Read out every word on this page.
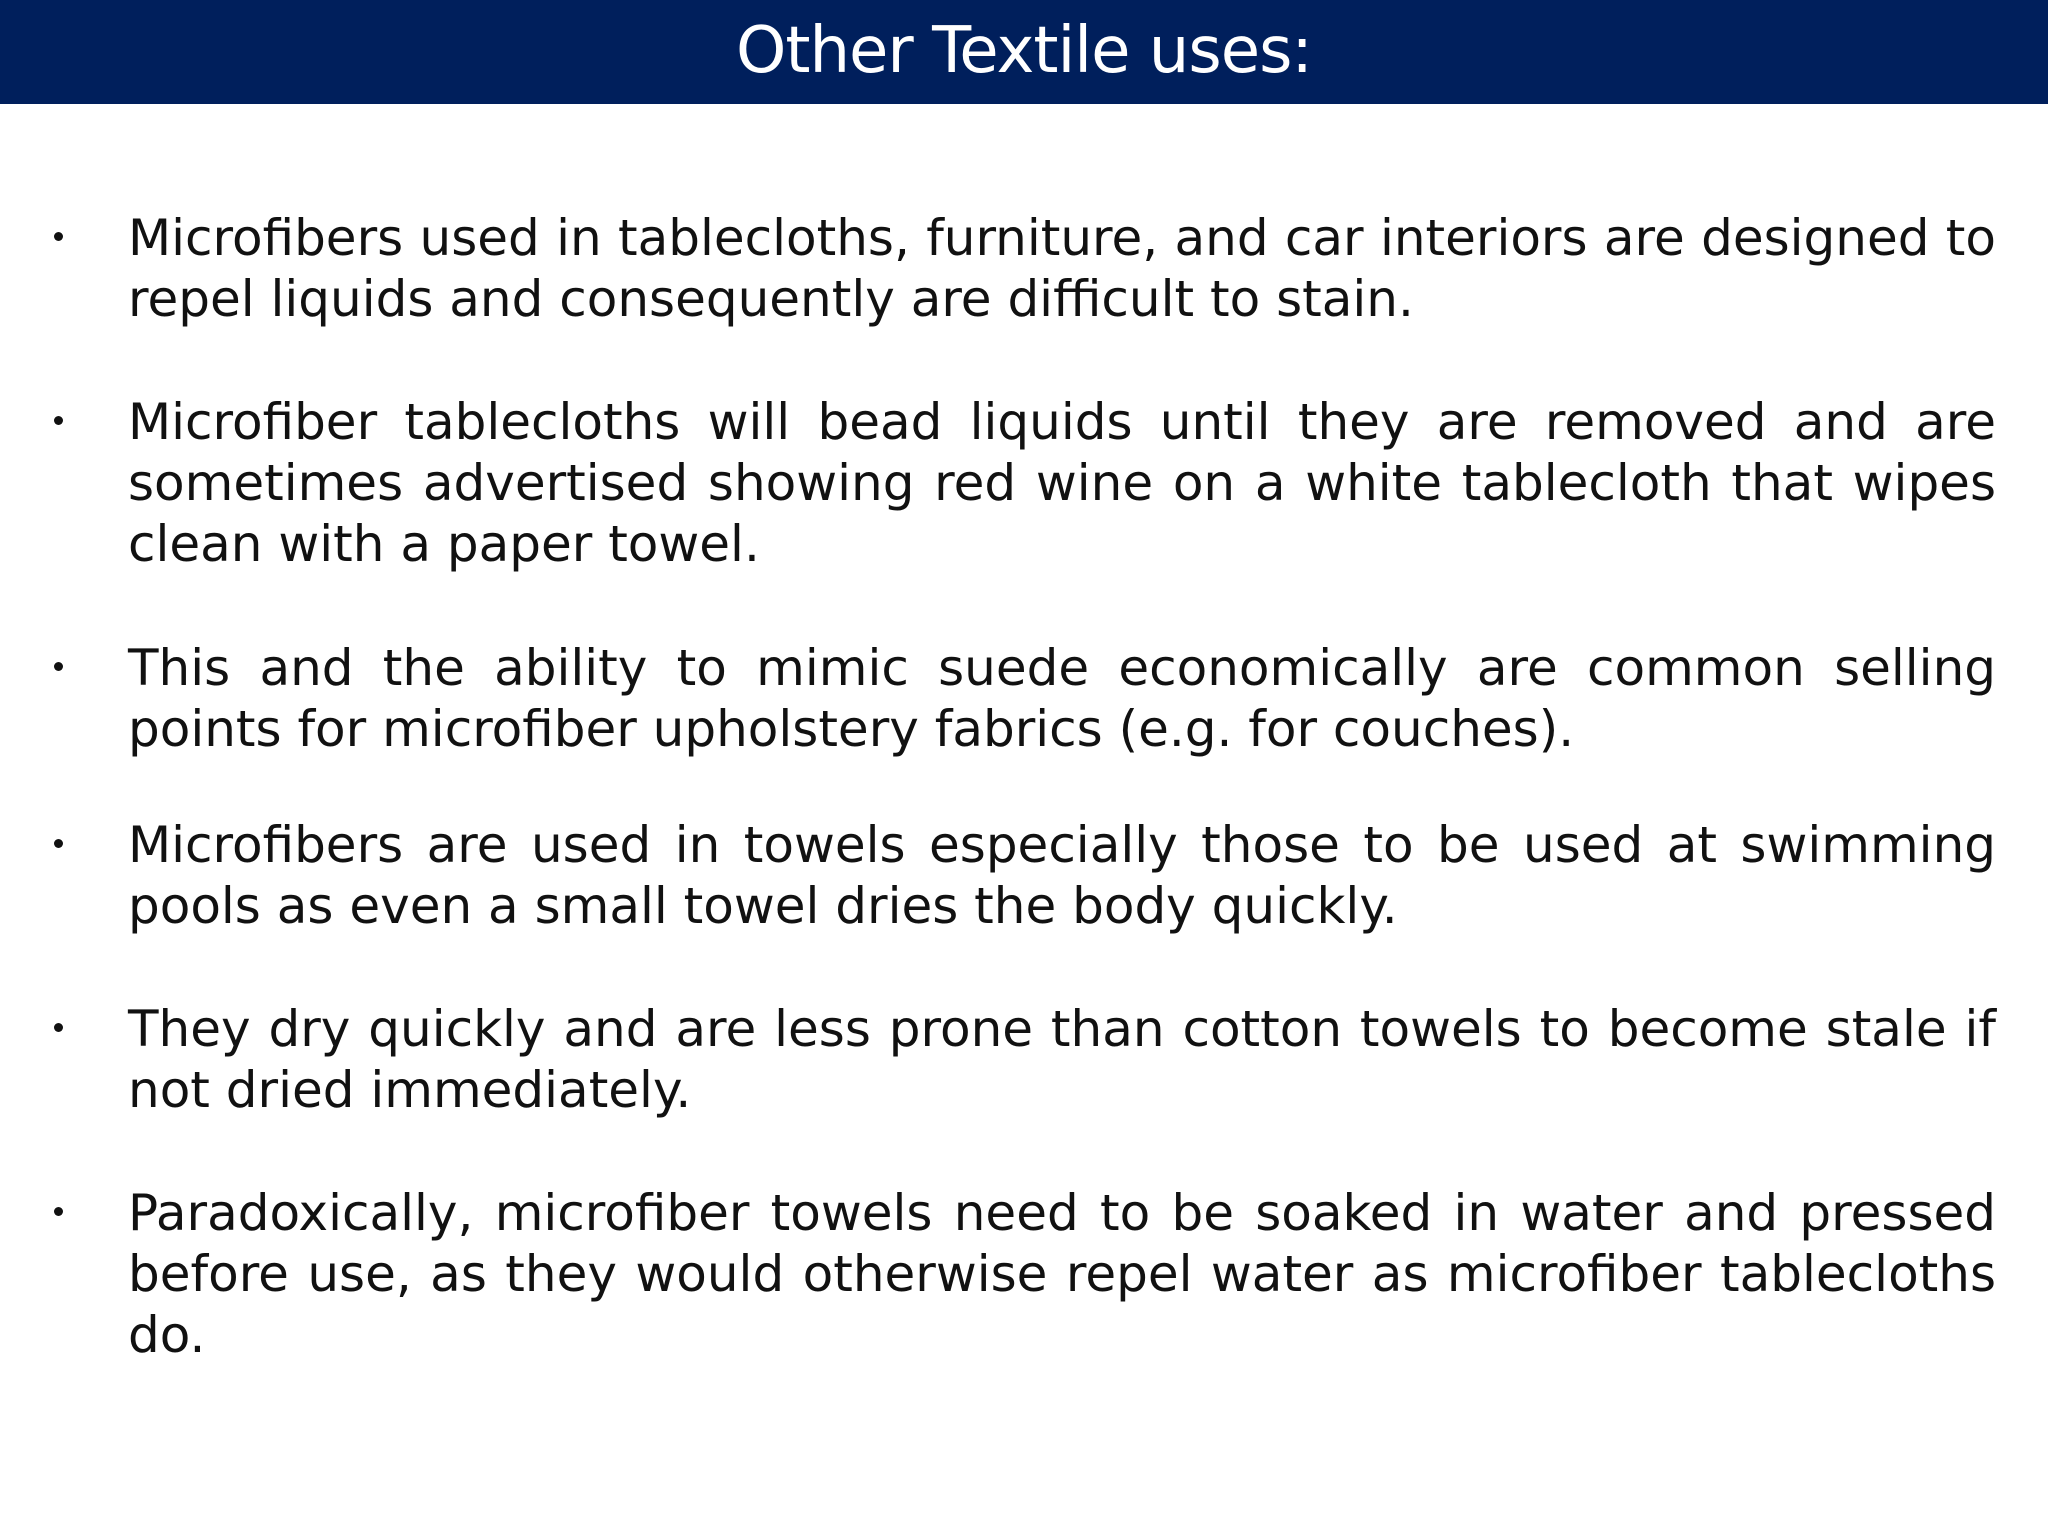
Other Textile uses:
Microfibers used in tablecloths, furniture, and car interiors are designed to repel liquids and consequently are difficult to stain.
Microfiber tablecloths will bead liquids until they are removed and are sometimes advertised showing red wine on a white tablecloth that wipes clean with a paper towel.
This and the ability to mimic suede economically are common selling points for microfiber upholstery fabrics (e.g. for couches).
Microfibers are used in towels especially those to be used at swimming pools as even a small towel dries the body quickly.
They dry quickly and are less prone than cotton towels to become stale if not dried immediately.
Paradoxically, microfiber towels need to be soaked in water and pressed before use, as they would otherwise repel water as microfiber tablecloths do.
